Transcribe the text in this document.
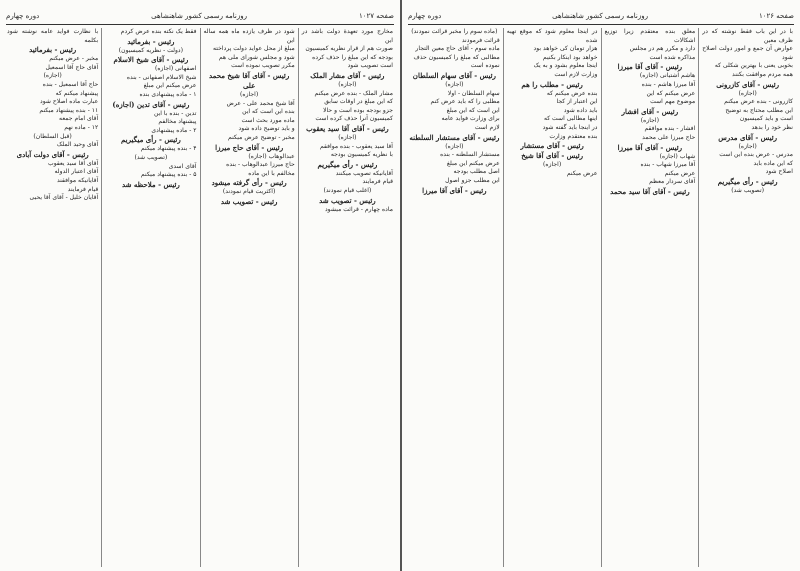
صفحه ۱۰۲۷
روزنامه رسمی کشور شاهنشاهی
دوره چهارم

مخارج مورد تعهدهٔ دولت باشد در این

صورت هم از قرار نظریه کمیسیون

بودجه که این مبلغ را حذف کرده

است تصویب شود

رئیس - آقای مشار الملک

(اجازه)

مشار الملک - بنده عرض میکنم

که این مبلغ در اوقات سابق

جزو بودجه بوده است و حالا

کمیسیون آنرا حذف کرده است

رئیس - آقای آقا سید یعقوب

(اجازه)

آقا سید یعقوب - بنده موافقم

با نظریه کمیسیون بودجه

رئیس - رأی میگیریم

آقایانیکه تصویب میکنند

قیام فرمایند

(اغلب قیام نمودند)

رئیس - تصویب شد

ماده چهارم - قرائت میشود

شود در ظرف یازده ماه همه ساله این

مبلغ از محل عواید دولت پرداخته

شود و مجلس شورای ملی هم

مکرر تصویب نموده است

رئیس - آقای آقا شیخ محمد علی

(اجازه)

آقا شیخ محمد علی - عرض

بنده این است که این

ماده مورد بحث است

و باید توضیح داده شود

مخبر - توضیح عرض میکنم

رئیس - آقای حاج میرزا

عبدالوهاب (اجازه)

حاج میرزا عبدالوهاب - بنده

مخالفم با این ماده

رئیس - رأی گرفته میشود

(اکثریت قیام نمودند)

رئیس - تصویب شد

فقط یک نکته بنده عرض کردم

رئیس - بفرمائید

(دولت - نظریه کمیسیون)

رئیس - آقای شیخ الاسلام

اصفهانی (اجازه)

شیخ الاسلام اصفهانی - بنده

عرض میکنم این مبلغ

۱ - ماده پیشنهادی بنده

رئیس - آقای تدین (اجازه)

تدین - بنده با این

پیشنهاد مخالفم

۲ - ماده پیشنهادی

رئیس - رأی میگیریم

۴ - بنده پیشنهاد میکنم

(تصویب شد)

آقای اسدی

۵ - بنده پیشنهاد میکنم

رئیس - ملاحظه شد

با نظارت فواید عامه نوشته شود بکلمه

رئیس - بفرمائید

مخبر - عرض میکنم

آقای حاج آقا اسمعیل

(اجازه)

حاج آقا اسمعیل - بنده

پیشنهاد میکنم که

عبارت ماده اصلاح شود

۱۱ - بنده پیشنهاد میکنم

آقای امام جمعه

۱۲ - ماده نهم

(قبل السلطان)

آقای وحید الملک

رئیس - آقای دولت آبادی

آقای آقا سید یعقوب

آقای اعتبار الدوله

آقایانیکه موافقند

قیام فرمایند

آقایان خلیل - آقای آقا یحیی

صفحه ۱۰۲۶
روزنامه رسمی کشور شاهنشاهی
دوره چهارم

با در این باب فقط نوشته که در ظرف معین

عوارض آن جمع و امور دولت اصلاح شود

بخوبی یعنی با بهترین شکلی که

همه مردم موافقت بکنند

رئیس - آقای کازرونی

(اجازه)

کازرونی - بنده عرض میکنم

این مطلب محتاج به توضیح

است و باید کمیسیون

نظر خود را بدهد

رئیس - آقای مدرس

(اجازه)

مدرس - عرض بنده این است

که این ماده باید

اصلاح شود

رئیس - رأی میگیریم

(تصویب شد)

معلق بنده معتقدم زیرا توزیع اشکالات

دارد و مکرر هم در مجلس

مذاکره شده است

رئیس - آقای آقا میرزا

هاشم آشتیانی (اجازه)

آقا میرزا هاشم - بنده

عرض میکنم که این

موضوع مهم است

رئیس - آقای افشار

(اجازه)

افشار - بنده موافقم

حاج میرزا علی محمد

رئیس - آقای آقا میرزا

شهاب (اجازه)

آقا میرزا شهاب - بنده

عرض میکنم

آقای سردار معظم

رئیس - آقای آقا سید محمد

در اینجا معلوم شود که موقع تهیه شده

هزار تومان کی خواهد بود

خواهد بود اینکار بکنیم

اینجا معلوم بشود و به یک

وزارت لازم است

رئیس - مطلب را هم

بنده عرض میکنم که

این اعتبار از کجا

باید داده شود

اینها مطالبی است که

در اینجا باید گفته شود

بنده معتقدم وزارت

رئیس - آقای مستشار

رئیس - آقای آقا شیخ

(اجازه)

عرض میکنم

(ماده سوم را مخبر قرائت نمودند)

قرائت فرمودند

ماده سوم - آقای حاج معین التجار

مطالبی که مبلغ را کمیسیون حذف

نموده است

رئیس - آقای سهام السلطان

(اجازه)

سهام السلطان - اولا

مطلبی را که باید عرض کنم

این است که این مبلغ

برای وزارت فواید عامه

لازم است

رئیس - آقای مستشار السلطنه

(اجازه)

مستشار السلطنه - بنده

عرض میکنم این مبلغ

اصل مطلب بودجه

این مطلب جزو اصول

رئیس - آقای آقا میرزا
